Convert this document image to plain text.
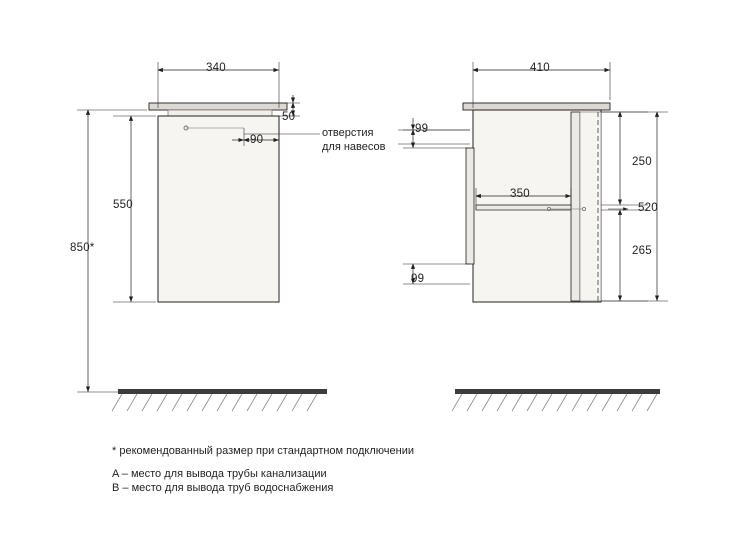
340
50
90
550
850*
410
99
99
350
250
265
520
отверстия
для навесов
* рекомендованный размер при стандартном подключении
A – место для вывода трубы канализации
B – место для вывода труб водоснабжения
